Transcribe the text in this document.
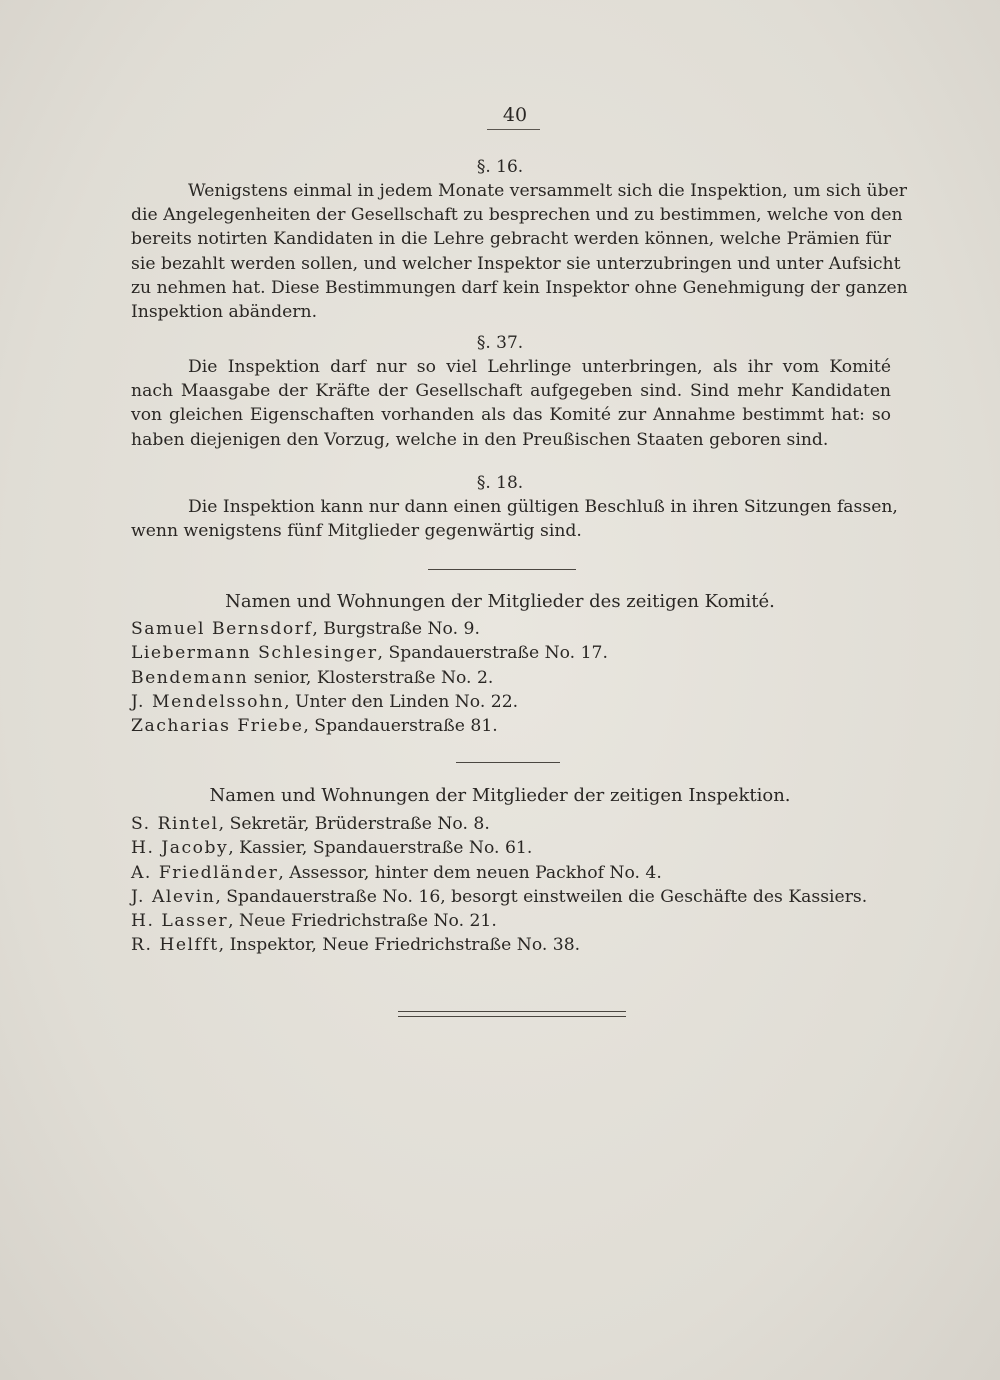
40
§. 16.
Wenigstens einmal in jedem Monate versammelt sich die Inspektion, um sich über
die Angelegenheiten der Gesellschaft zu besprechen und zu bestimmen, welche von den
bereits notirten Kandidaten in die Lehre gebracht werden können, welche Prämien für
sie bezahlt werden sollen, und welcher Inspektor sie unterzubringen und unter Aufsicht
zu nehmen hat. Diese Bestimmungen darf kein Inspektor ohne Genehmigung der ganzen
Inspektion abändern.
§. 37.
Die Inspektion darf nur so viel Lehrlinge unterbringen, als ihr vom Komité
nach Maasgabe der Kräfte der Gesellschaft aufgegeben sind. Sind mehr Kandidaten
von gleichen Eigenschaften vorhanden als das Komité zur Annahme bestimmt hat: so
haben diejenigen den Vorzug, welche in den Preußischen Staaten geboren sind.
§. 18.
Die Inspektion kann nur dann einen gültigen Beschluß in ihren Sitzungen fassen,
wenn wenigstens fünf Mitglieder gegenwärtig sind.
Namen und Wohnungen der Mitglieder des zeitigen Komité.
Samuel Bernsdorf, Burgstraße No. 9.
Liebermann Schlesinger, Spandauerstraße No. 17.
Bendemann senior, Klosterstraße No. 2.
J. Mendelssohn, Unter den Linden No. 22.
Zacharias Friebe, Spandauerstraße 81.
Namen und Wohnungen der Mitglieder der zeitigen Inspektion.
S. Rintel, Sekretär, Brüderstraße No. 8.
H. Jacoby, Kassier, Spandauerstraße No. 61.
A. Friedländer, Assessor, hinter dem neuen Packhof No. 4.
J. Alevin, Spandauerstraße No. 16, besorgt einstweilen die Geschäfte des Kassiers.
H. Lasser, Neue Friedrichstraße No. 21.
R. Helfft, Inspektor, Neue Friedrichstraße No. 38.
